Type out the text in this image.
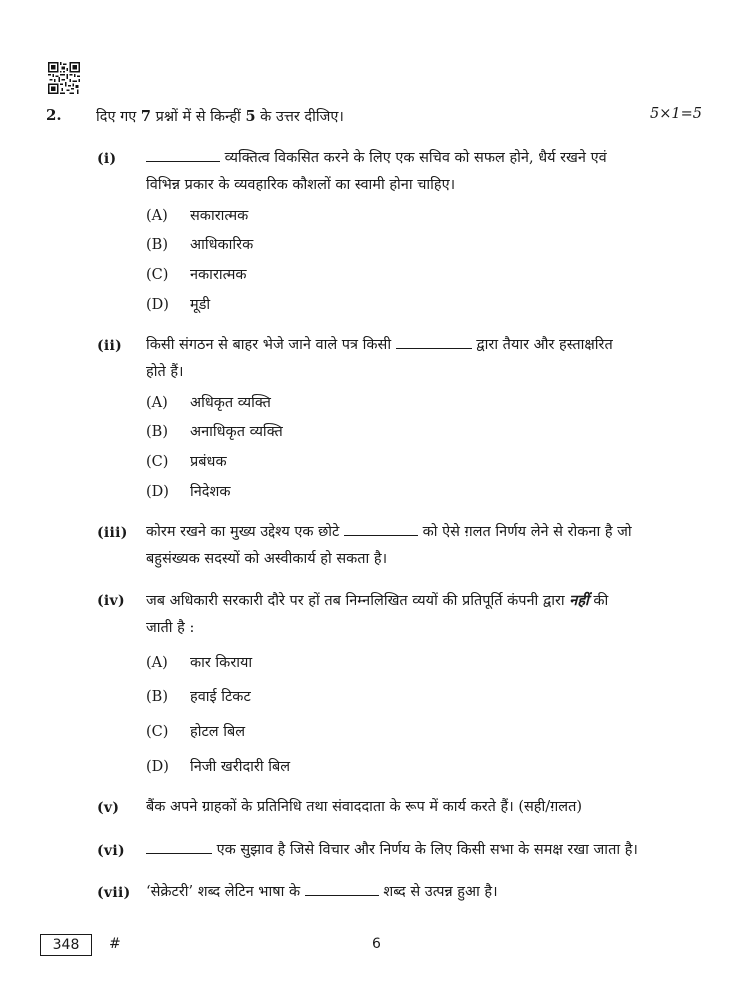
2. दिए गए 7 प्रश्नों में से किन्हीं 5 के उत्तर दीजिए।	5×1=5
(i)	व्यक्तित्व विकसित करने के लिए एक सचिव को सफल होने, धैर्य रखने एवं
विभिन्न प्रकार के व्यवहारिक कौशलों का स्वामी होना चाहिए।
(A) सकारात्मक
(B) आधिकारिक
(C) नकारात्मक
(D) मूडी
(ii) किसी संगठन से बाहर भेजे जाने वाले पत्र किसी	द्वारा तैयार और हस्ताक्षरित
होते हैं।
(A) अधिकृत व्यक्ति
(B) अनाधिकृत व्यक्ति
(C) प्रबंधक
(D) निदेशक
(iii) कोरम रखने का मुख्य उद्देश्य एक छोटे	को ऐसे ग़लत निर्णय लेने से रोकना है जो
बहुसंख्यक सदस्यों को अस्वीकार्य हो सकता है।
(iv) जब अधिकारी सरकारी दौरे पर हों तब निम्नलिखित व्ययों की प्रतिपूर्ति कंपनी द्वारा नहीं की
जाती है :
(A) कार किराया
(B) हवाई टिकट
(C) होटल बिल
(D) निजी खरीदारी बिल
(v) बैंक अपने ग्राहकों के प्रतिनिधि तथा संवाददाता के रूप में कार्य करते हैं। (सही/ग़लत)
(vi)	एक सुझाव है जिसे विचार और निर्णय के लिए किसी सभा के समक्ष रखा जाता है।
(vii) ‘सेक्रेटरी’ शब्द लेटिन भाषा के	शब्द से उत्पन्न हुआ है।
348	#	6
